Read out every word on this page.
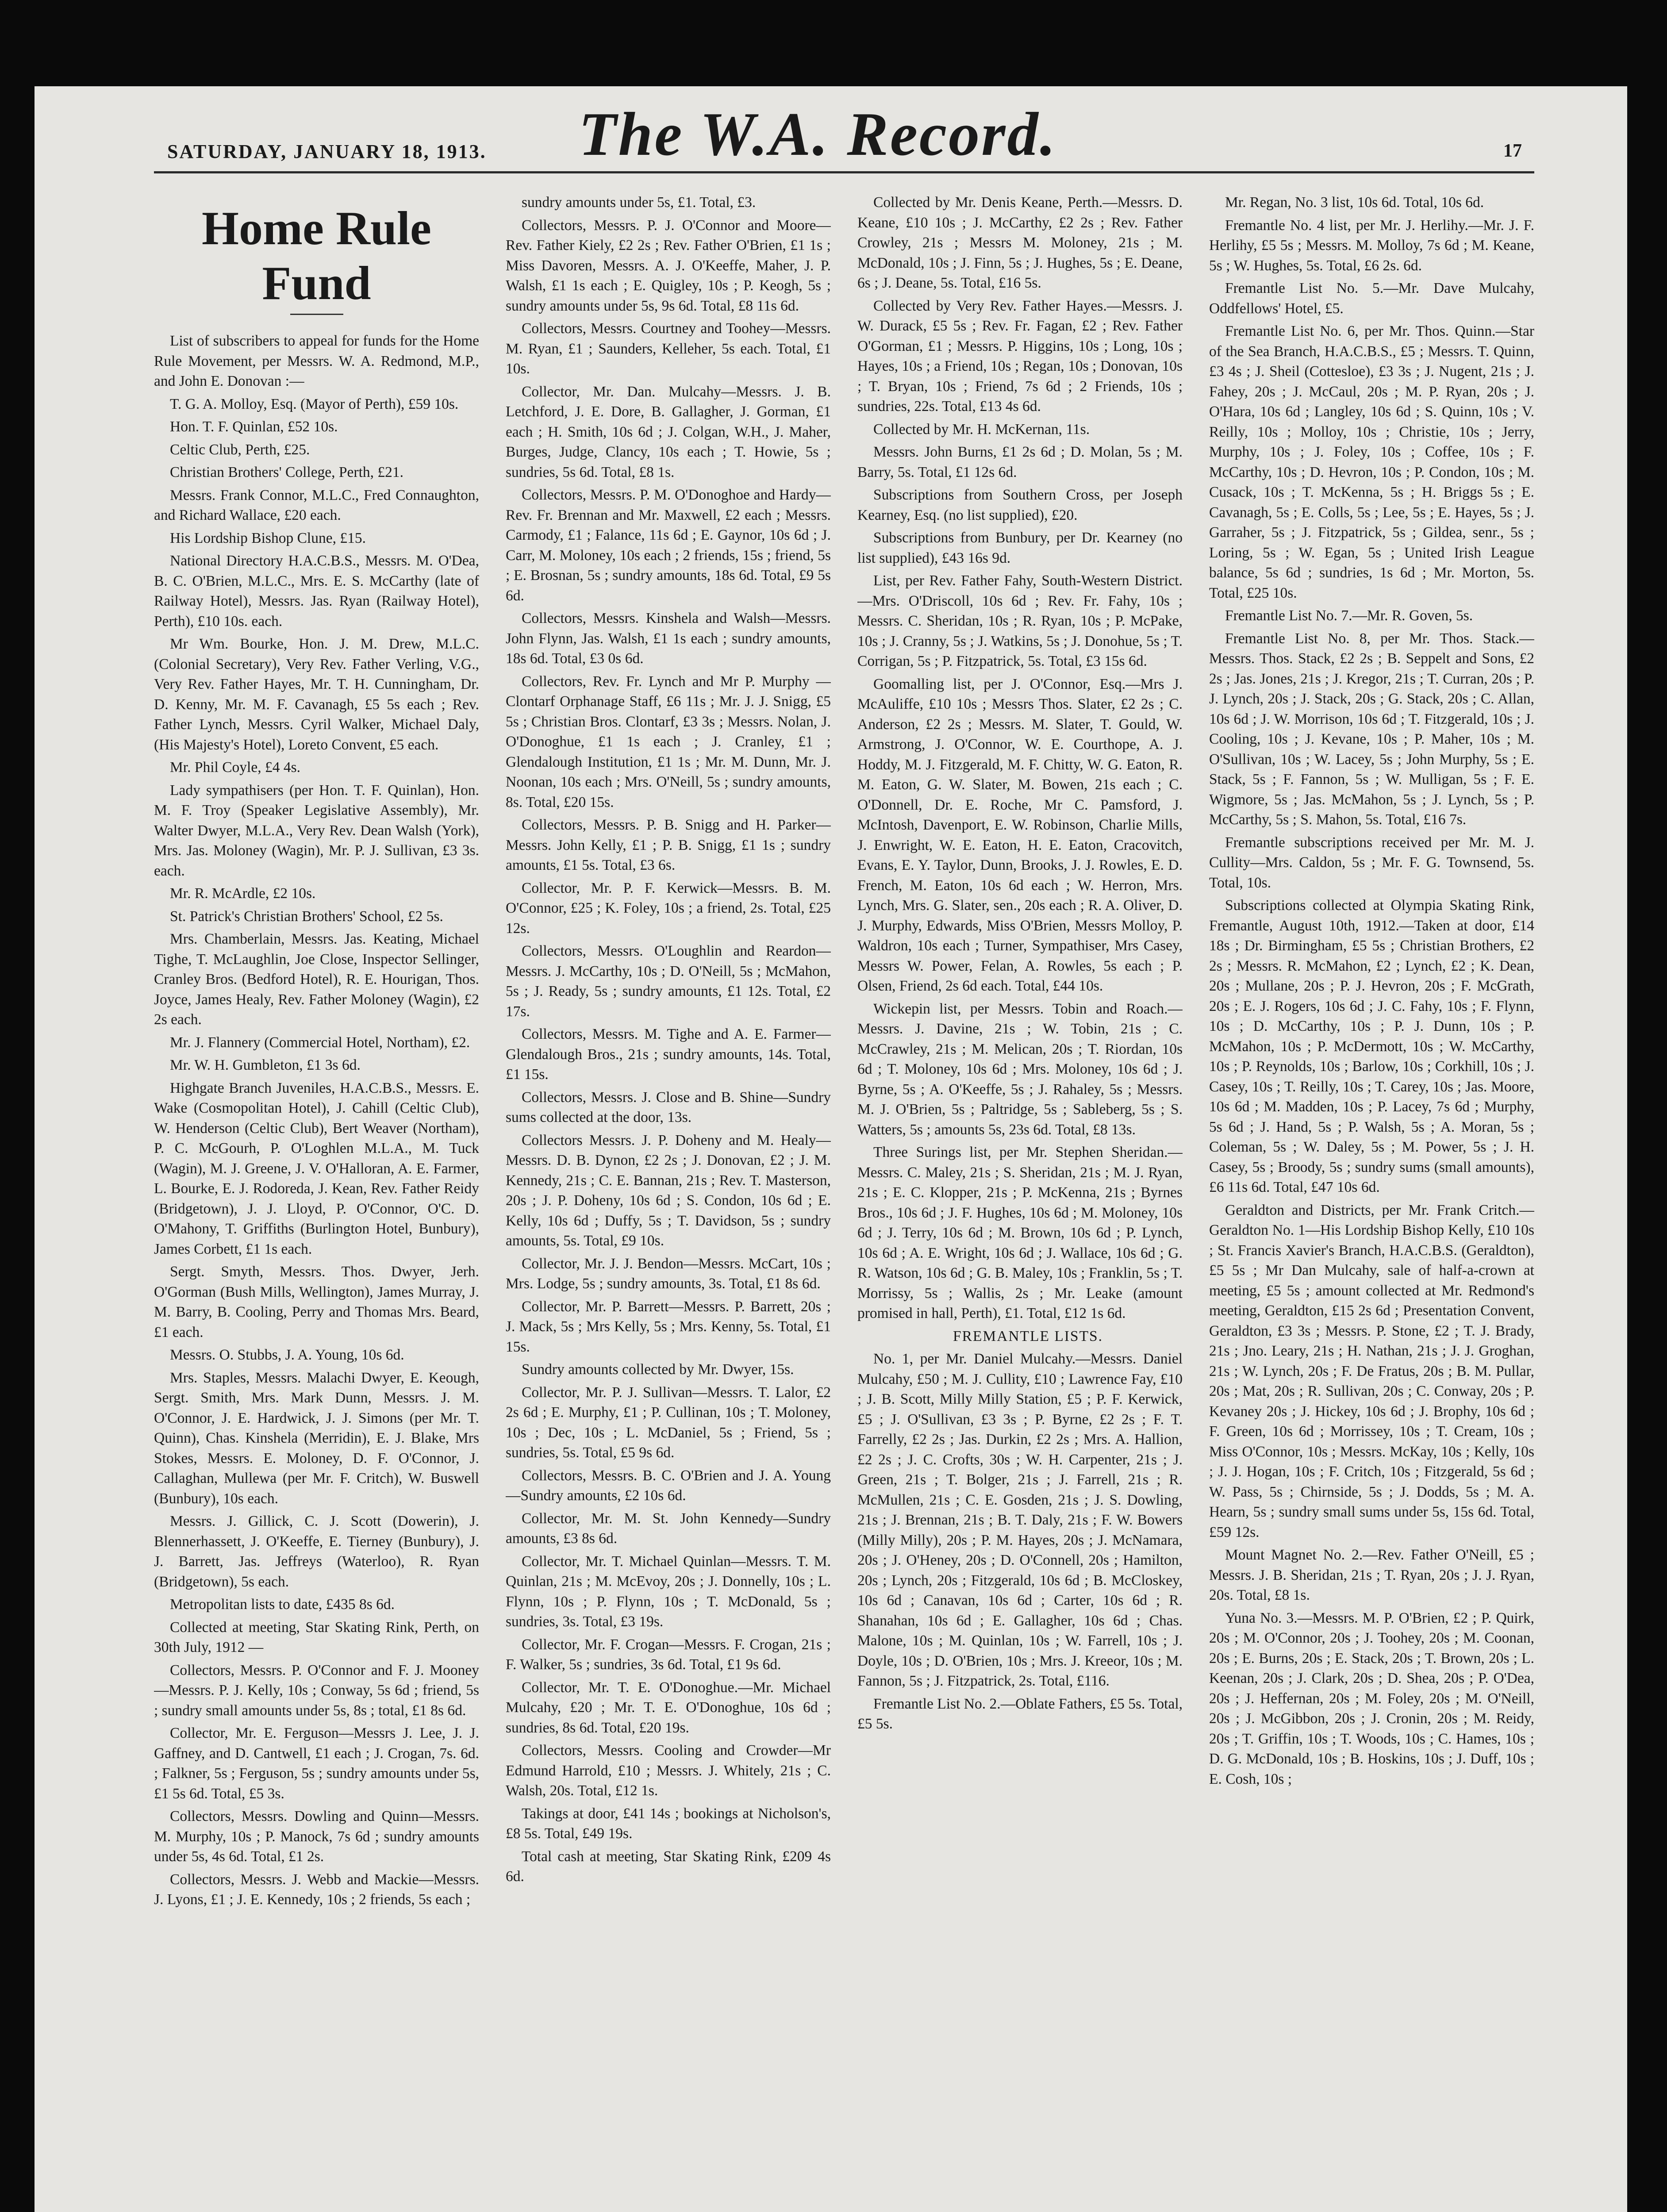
SATURDAY, JANUARY 18, 1913. The W.A. Record.	17
Home Rule Fund

List of subscribers to appeal for funds for the Home Rule Movement, per Messrs. W. A. Redmond, M.P., and John E. Donovan :—

T. G. A. Molloy, Esq. (Mayor of Perth), £59 10s.

Hon. T. F. Quinlan, £52 10s.

Celtic Club, Perth, £25.

Christian Brothers' College, Perth, £21.

Messrs. Frank Connor, M.L.C., Fred Connaughton, and Richard Wallace, £20 each.

His Lordship Bishop Clune, £15.

National Directory H.A.C.B.S., Messrs. M. O'Dea, B. C. O'Brien, M.L.C., Mrs. E. S. McCarthy (late of Railway Hotel), Messrs. Jas. Ryan (Railway Hotel), Perth), £10 10s. each.

Mr Wm. Bourke, Hon. J. M. Drew, M.L.C. (Colonial Secretary), Very Rev. Father Verling, V.G., Very Rev. Father Hayes, Mr. T. H. Cunningham, Dr. D. Kenny, Mr. M. F. Cavanagh, £5 5s each ; Rev. Father Lynch, Messrs. Cyril Walker, Michael Daly, (His Majesty's Hotel), Loreto Convent, £5 each.

Mr. Phil Coyle, £4 4s.

Lady sympathisers (per Hon. T. F. Quinlan), Hon. M. F. Troy (Speaker Legislative Assembly), Mr. Walter Dwyer, M.L.A., Very Rev. Dean Walsh (York), Mrs. Jas. Moloney (Wagin), Mr. P. J. Sullivan, £3 3s. each.

Mr. R. McArdle, £2 10s.

St. Patrick's Christian Brothers' School, £2 5s.

Mrs. Chamberlain, Messrs. Jas. Keating, Michael Tighe, T. McLaughlin, Joe Close, Inspector Sellinger, Cranley Bros. (Bedford Hotel), R. E. Hourigan, Thos. Joyce, James Healy, Rev. Father Moloney (Wagin), £2 2s each.

Mr. J. Flannery (Commercial Hotel, Northam), £2.

Mr. W. H. Gumbleton, £1 3s 6d.

Highgate Branch Juveniles, H.A.C.B.S., Messrs. E. Wake (Cosmopolitan Hotel), J. Cahill (Celtic Club), W. Henderson (Celtic Club), Bert Weaver (Northam), P. C. McGourh, P. O'Loghlen M.L.A., M. Tuck (Wagin), M. J. Greene, J. V. O'Halloran, A. E. Farmer, L. Bourke, E. J. Rodoreda, J. Kean, Rev. Father Reidy (Bridgetown), J. J. Lloyd, P. O'Connor, O'C. D. O'Mahony, T. Griffiths (Burlington Hotel, Bunbury), James Corbett, £1 1s each.

Sergt. Smyth, Messrs. Thos. Dwyer, Jerh. O'Gorman (Bush Mills, Wellington), James Murray, J. M. Barry, B. Cooling, Perry and Thomas Mrs. Beard, £1 each.

Messrs. O. Stubbs, J. A. Young, 10s 6d.

Mrs. Staples, Messrs. Malachi Dwyer, E. Keough, Sergt. Smith, Mrs. Mark Dunn, Messrs. J. M. O'Connor, J. E. Hardwick, J. J. Simons (per Mr. T. Quinn), Chas. Kinshela (Merridin), E. J. Blake, Mrs Stokes, Messrs. E. Moloney, D. F. O'Connor, J. Callaghan, Mullewa (per Mr. F. Critch), W. Buswell (Bunbury), 10s each.

Messrs. J. Gillick, C. J. Scott (Dowerin), J. Blennerhassett, J. O'Keeffe, E. Tierney (Bunbury), J. J. Barrett, Jas. Jeffreys (Waterloo), R. Ryan (Bridgetown), 5s each.

Metropolitan lists to date, £435 8s 6d.

Collected at meeting, Star Skating Rink, Perth, on 30th July, 1912 —

Collectors, Messrs. P. O'Connor and F. J. Mooney—Messrs. P. J. Kelly, 10s ; Conway, 5s 6d ; friend, 5s ; sundry small amounts under 5s, 8s ; total, £1 8s 6d.

Collector, Mr. E. Ferguson—Messrs J. Lee, J. J. Gaffney, and D. Cantwell, £1 each ; J. Crogan, 7s. 6d. ; Falkner, 5s ; Ferguson, 5s ; sundry amounts under 5s, £1 5s 6d. Total, £5 3s.

Collectors, Messrs. Dowling and Quinn—Messrs. M. Murphy, 10s ; P. Manock, 7s 6d ; sundry amounts under 5s, 4s 6d. Total, £1 2s.

Collectors, Messrs. J. Webb and Mackie—Messrs. J. Lyons, £1 ; J. E. Kennedy, 10s ; 2 friends, 5s each ;

sundry amounts under 5s, £1. Total, £3.

Collectors, Messrs. P. J. O'Connor and Moore—Rev. Father Kiely, £2 2s ; Rev. Father O'Brien, £1 1s ; Miss Davoren, Messrs. A. J. O'Keeffe, Maher, J. P. Walsh, £1 1s each ; E. Quigley, 10s ; P. Keogh, 5s ; sundry amounts under 5s, 9s 6d. Total, £8 11s 6d.

Collectors, Messrs. Courtney and Toohey—Messrs. M. Ryan, £1 ; Saunders, Kelleher, 5s each. Total, £1 10s.

Collector, Mr. Dan. Mulcahy—Messrs. J. B. Letchford, J. E. Dore, B. Gallagher, J. Gorman, £1 each ; H. Smith, 10s 6d ; J. Colgan, W.H., J. Maher, Burges, Judge, Clancy, 10s each ; T. Howie, 5s ; sundries, 5s 6d. Total, £8 1s.

Collectors, Messrs. P. M. O'Donoghoe and Hardy—Rev. Fr. Brennan and Mr. Maxwell, £2 each ; Messrs. Carmody, £1 ; Falance, 11s 6d ; E. Gaynor, 10s 6d ; J. Carr, M. Moloney, 10s each ; 2 friends, 15s ; friend, 5s ; E. Brosnan, 5s ; sundry amounts, 18s 6d. Total, £9 5s 6d.

Collectors, Messrs. Kinshela and Walsh—Messrs. John Flynn, Jas. Walsh, £1 1s each ; sundry amounts, 18s 6d. Total, £3 0s 6d.

Collectors, Rev. Fr. Lynch and Mr P. Murphy — Clontarf Orphanage Staff, £6 11s ; Mr. J. J. Snigg, £5 5s ; Christian Bros. Clontarf, £3 3s ; Messrs. Nolan, J. O'Donoghue, £1 1s each ; J. Cranley, £1 ; Glendalough Institution, £1 1s ; Mr. M. Dunn, Mr. J. Noonan, 10s each ; Mrs. O'Neill, 5s ; sundry amounts, 8s. Total, £20 15s.

Collectors, Messrs. P. B. Snigg and H. Parker—Messrs. John Kelly, £1 ; P. B. Snigg, £1 1s ; sundry amounts, £1 5s. Total, £3 6s.

Collector, Mr. P. F. Kerwick—Messrs. B. M. O'Connor, £25 ; K. Foley, 10s ; a friend, 2s. Total, £25 12s.

Collectors, Messrs. O'Loughlin and Reardon—Messrs. J. McCarthy, 10s ; D. O'Neill, 5s ; McMahon, 5s ; J. Ready, 5s ; sundry amounts, £1 12s. Total, £2 17s.

Collectors, Messrs. M. Tighe and A. E. Farmer—Glendalough Bros., 21s ; sundry amounts, 14s. Total, £1 15s.

Collectors, Messrs. J. Close and B. Shine—Sundry sums collected at the door, 13s.

Collectors Messrs. J. P. Doheny and M. Healy—Messrs. D. B. Dynon, £2 2s ; J. Donovan, £2 ; J. M. Kennedy, 21s ; C. E. Bannan, 21s ; Rev. T. Masterson, 20s ; J. P. Doheny, 10s 6d ; S. Condon, 10s 6d ; E. Kelly, 10s 6d ; Duffy, 5s ; T. Davidson, 5s ; sundry amounts, 5s. Total, £9 10s.

Collector, Mr. J. J. Bendon—Messrs. McCart, 10s ; Mrs. Lodge, 5s ; sundry amounts, 3s. Total, £1 8s 6d.

Collector, Mr. P. Barrett—Messrs. P. Barrett, 20s ; J. Mack, 5s ; Mrs Kelly, 5s ; Mrs. Kenny, 5s. Total, £1 15s.

Sundry amounts collected by Mr. Dwyer, 15s.

Collector, Mr. P. J. Sullivan—Messrs. T. Lalor, £2 2s 6d ; E. Murphy, £1 ; P. Cullinan, 10s ; T. Moloney, 10s ; Dec, 10s ; L. McDaniel, 5s ; Friend, 5s ; sundries, 5s. Total, £5 9s 6d.

Collectors, Messrs. B. C. O'Brien and J. A. Young—Sundry amounts, £2 10s 6d.

Collector, Mr. M. St. John Kennedy—Sundry amounts, £3 8s 6d.

Collector, Mr. T. Michael Quinlan—Messrs. T. M. Quinlan, 21s ; M. McEvoy, 20s ; J. Donnelly, 10s ; L. Flynn, 10s ; P. Flynn, 10s ; T. McDonald, 5s ; sundries, 3s. Total, £3 19s.

Collector, Mr. F. Crogan—Messrs. F. Crogan, 21s ; F. Walker, 5s ; sundries, 3s 6d. Total, £1 9s 6d.

Collector, Mr. T. E. O'Donoghue.—Mr. Michael Mulcahy, £20 ; Mr. T. E. O'Donoghue, 10s 6d ; sundries, 8s 6d. Total, £20 19s.

Collectors, Messrs. Cooling and Crowder—Mr Edmund Harrold, £10 ; Messrs. J. Whitely, 21s ; C. Walsh, 20s. Total, £12 1s.

Takings at door, £41 14s ; bookings at Nicholson's, £8 5s. Total, £49 19s.

Total cash at meeting, Star Skating Rink, £209 4s 6d.

Collected by Mr. Denis Keane, Perth.—Messrs. D. Keane, £10 10s ; J. McCarthy, £2 2s ; Rev. Father Crowley, 21s ; Messrs M. Moloney, 21s ; M. McDonald, 10s ; J. Finn, 5s ; J. Hughes, 5s ; E. Deane, 6s ; J. Deane, 5s. Total, £16 5s.

Collected by Very Rev. Father Hayes.—Messrs. J. W. Durack, £5 5s ; Rev. Fr. Fagan, £2 ; Rev. Father O'Gorman, £1 ; Messrs. P. Higgins, 10s ; Long, 10s ; Hayes, 10s ; a Friend, 10s ; Regan, 10s ; Donovan, 10s ; T. Bryan, 10s ; Friend, 7s 6d ; 2 Friends, 10s ; sundries, 22s. Total, £13 4s 6d.

Collected by Mr. H. McKernan, 11s.

Messrs. John Burns, £1 2s 6d ; D. Molan, 5s ; M. Barry, 5s. Total, £1 12s 6d.

Subscriptions from Southern Cross, per Joseph Kearney, Esq. (no list supplied), £20.

Subscriptions from Bunbury, per Dr. Kearney (no list supplied), £43 16s 9d.

List, per Rev. Father Fahy, South-Western District.—Mrs. O'Driscoll, 10s 6d ; Rev. Fr. Fahy, 10s ; Messrs. C. Sheridan, 10s ; R. Ryan, 10s ; P. McPake, 10s ; J. Cranny, 5s ; J. Watkins, 5s ; J. Donohue, 5s ; T. Corrigan, 5s ; P. Fitzpatrick, 5s. Total, £3 15s 6d.

Goomalling list, per J. O'Connor, Esq.—Mrs J. McAuliffe, £10 10s ; Messrs Thos. Slater, £2 2s ; C. Anderson, £2 2s ; Messrs. M. Slater, T. Gould, W. Armstrong, J. O'Connor, W. E. Courthope, A. J. Hoddy, M. J. Fitzgerald, M. F. Chitty, W. G. Eaton, R. M. Eaton, G. W. Slater, M. Bowen, 21s each ; C. O'Donnell, Dr. E. Roche, Mr C. Pamsford, J. McIntosh, Davenport, E. W. Robinson, Charlie Mills, J. Enwright, W. E. Eaton, H. E. Eaton, Cracovitch, Evans, E. Y. Taylor, Dunn, Brooks, J. J. Rowles, E. D. French, M. Eaton, 10s 6d each ; W. Herron, Mrs. Lynch, Mrs. G. Slater, sen., 20s each ; R. A. Oliver, D. J. Murphy, Edwards, Miss O'Brien, Messrs Molloy, P. Waldron, 10s each ; Turner, Sympathiser, Mrs Casey, Messrs W. Power, Felan, A. Rowles, 5s each ; P. Olsen, Friend, 2s 6d each. Total, £44 10s.

Wickepin list, per Messrs. Tobin and Roach.—Messrs. J. Davine, 21s ; W. Tobin, 21s ; C. McCrawley, 21s ; M. Melican, 20s ; T. Riordan, 10s 6d ; T. Moloney, 10s 6d ; Mrs. Moloney, 10s 6d ; J. Byrne, 5s ; A. O'Keeffe, 5s ; J. Rahaley, 5s ; Messrs. M. J. O'Brien, 5s ; Paltridge, 5s ; Sableberg, 5s ; S. Watters, 5s ; amounts 5s, 23s 6d. Total, £8 13s.

Three Surings list, per Mr. Stephen Sheridan.—Messrs. C. Maley, 21s ; S. Sheridan, 21s ; M. J. Ryan, 21s ; E. C. Klopper, 21s ; P. McKenna, 21s ; Byrnes Bros., 10s 6d ; J. F. Hughes, 10s 6d ; M. Moloney, 10s 6d ; J. Terry, 10s 6d ; M. Brown, 10s 6d ; P. Lynch, 10s 6d ; A. E. Wright, 10s 6d ; J. Wallace, 10s 6d ; G. R. Watson, 10s 6d ; G. B. Maley, 10s ; Franklin, 5s ; T. Morrissy, 5s ; Wallis, 2s ; Mr. Leake (amount promised in hall, Perth), £1. Total, £12 1s 6d.

FREMANTLE LISTS.

No. 1, per Mr. Daniel Mulcahy.—Messrs. Daniel Mulcahy, £50 ; M. J. Cullity, £10 ; Lawrence Fay, £10 ; J. B. Scott, Milly Milly Station, £5 ; P. F. Kerwick, £5 ; J. O'Sullivan, £3 3s ; P. Byrne, £2 2s ; F. T. Farrelly, £2 2s ; Jas. Durkin, £2 2s ; Mrs. A. Hallion, £2 2s ; J. C. Crofts, 30s ; W. H. Carpenter, 21s ; J. Green, 21s ; T. Bolger, 21s ; J. Farrell, 21s ; R. McMullen, 21s ; C. E. Gosden, 21s ; J. S. Dowling, 21s ; J. Brennan, 21s ; B. T. Daly, 21s ; F. W. Bowers (Milly Milly), 20s ; P. M. Hayes, 20s ; J. McNamara, 20s ; J. O'Heney, 20s ; D. O'Connell, 20s ; Hamilton, 20s ; Lynch, 20s ; Fitzgerald, 10s 6d ; B. McCloskey, 10s 6d ; Canavan, 10s 6d ; Carter, 10s 6d ; R. Shanahan, 10s 6d ; E. Gallagher, 10s 6d ; Chas. Malone, 10s ; M. Quinlan, 10s ; W. Farrell, 10s ; J. Doyle, 10s ; D. O'Brien, 10s ; Mrs. J. Kreeor, 10s ; M. Fannon, 5s ; J. Fitzpatrick, 2s. Total, £116.

Fremantle List No. 2.—Oblate Fathers, £5 5s. Total, £5 5s.

Mr. Regan, No. 3 list, 10s 6d. Total, 10s 6d.

Fremantle No. 4 list, per Mr. J. Herlihy.—Mr. J. F. Herlihy, £5 5s ; Messrs. M. Molloy, 7s 6d ; M. Keane, 5s ; W. Hughes, 5s. Total, £6 2s. 6d.

Fremantle List No. 5.—Mr. Dave Mulcahy, Oddfellows' Hotel, £5.

Fremantle List No. 6, per Mr. Thos. Quinn.—Star of the Sea Branch, H.A.C.B.S., £5 ; Messrs. T. Quinn, £3 4s ; J. Sheil (Cottesloe), £3 3s ; J. Nugent, 21s ; J. Fahey, 20s ; J. McCaul, 20s ; M. P. Ryan, 20s ; J. O'Hara, 10s 6d ; Langley, 10s 6d ; S. Quinn, 10s ; V. Reilly, 10s ; Molloy, 10s ; Christie, 10s ; Jerry, Murphy, 10s ; J. Foley, 10s ; Coffee, 10s ; F. McCarthy, 10s ; D. Hevron, 10s ; P. Condon, 10s ; M. Cusack, 10s ; T. McKenna, 5s ; H. Briggs 5s ; E. Cavanagh, 5s ; E. Colls, 5s ; Lee, 5s ; E. Hayes, 5s ; J. Garraher, 5s ; J. Fitzpatrick, 5s ; Gildea, senr., 5s ; Loring, 5s ; W. Egan, 5s ; United Irish League balance, 5s 6d ; sundries, 1s 6d ; Mr. Morton, 5s. Total, £25 10s.

Fremantle List No. 7.—Mr. R. Goven, 5s.

Fremantle List No. 8, per Mr. Thos. Stack.—Messrs. Thos. Stack, £2 2s ; B. Seppelt and Sons, £2 2s ; Jas. Jones, 21s ; J. Kregor, 21s ; T. Curran, 20s ; P. J. Lynch, 20s ; J. Stack, 20s ; G. Stack, 20s ; C. Allan, 10s 6d ; J. W. Morrison, 10s 6d ; T. Fitzgerald, 10s ; J. Cooling, 10s ; J. Kevane, 10s ; P. Maher, 10s ; M. O'Sullivan, 10s ; W. Lacey, 5s ; John Murphy, 5s ; E. Stack, 5s ; F. Fannon, 5s ; W. Mulligan, 5s ; F. E. Wigmore, 5s ; Jas. McMahon, 5s ; J. Lynch, 5s ; P. McCarthy, 5s ; S. Mahon, 5s. Total, £16 7s.

Fremantle subscriptions received per Mr. M. J. Cullity—Mrs. Caldon, 5s ; Mr. F. G. Townsend, 5s. Total, 10s.

Subscriptions collected at Olympia Skating Rink, Fremantle, August 10th, 1912.—Taken at door, £14 18s ; Dr. Birmingham, £5 5s ; Christian Brothers, £2 2s ; Messrs. R. McMahon, £2 ; Lynch, £2 ; K. Dean, 20s ; Mullane, 20s ; P. J. Hevron, 20s ; F. McGrath, 20s ; E. J. Rogers, 10s 6d ; J. C. Fahy, 10s ; F. Flynn, 10s ; D. McCarthy, 10s ; P. J. Dunn, 10s ; P. McMahon, 10s ; P. McDermott, 10s ; W. McCarthy, 10s ; P. Reynolds, 10s ; Barlow, 10s ; Corkhill, 10s ; J. Casey, 10s ; T. Reilly, 10s ; T. Carey, 10s ; Jas. Moore, 10s 6d ; M. Madden, 10s ; P. Lacey, 7s 6d ; Murphy, 5s 6d ; J. Hand, 5s ; P. Walsh, 5s ; A. Moran, 5s ; Coleman, 5s ; W. Daley, 5s ; M. Power, 5s ; J. H. Casey, 5s ; Broody, 5s ; sundry sums (small amounts), £6 11s 6d. Total, £47 10s 6d.

Geraldton and Districts, per Mr. Frank Critch.—Geraldton No. 1—His Lordship Bishop Kelly, £10 10s ; St. Francis Xavier's Branch, H.A.C.B.S. (Geraldton), £5 5s ; Mr Dan Mulcahy, sale of half-a-crown at meeting, £5 5s ; amount collected at Mr. Redmond's meeting, Geraldton, £15 2s 6d ; Presentation Convent, Geraldton, £3 3s ; Messrs. P. Stone, £2 ; T. J. Brady, 21s ; Jno. Leary, 21s ; H. Nathan, 21s ; J. J. Groghan, 21s ; W. Lynch, 20s ; F. De Fratus, 20s ; B. M. Pullar, 20s ; Mat, 20s ; R. Sullivan, 20s ; C. Conway, 20s ; P. Kevaney 20s ; J. Hickey, 10s 6d ; J. Brophy, 10s 6d ; F. Green, 10s 6d ; Morrissey, 10s ; T. Cream, 10s ; Miss O'Connor, 10s ; Messrs. McKay, 10s ; Kelly, 10s ; J. J. Hogan, 10s ; F. Critch, 10s ; Fitzgerald, 5s 6d ; W. Pass, 5s ; Chirnside, 5s ; J. Dodds, 5s ; M. A. Hearn, 5s ; sundry small sums under 5s, 15s 6d. Total, £59 12s.

Mount Magnet No. 2.—Rev. Father O'Neill, £5 ; Messrs. J. B. Sheridan, 21s ; T. Ryan, 20s ; J. J. Ryan, 20s. Total, £8 1s.

Yuna No. 3.—Messrs. M. P. O'Brien, £2 ; P. Quirk, 20s ; M. O'Connor, 20s ; J. Toohey, 20s ; M. Coonan, 20s ; E. Burns, 20s ; E. Stack, 20s ; T. Brown, 20s ; L. Keenan, 20s ; J. Clark, 20s ; D. Shea, 20s ; P. O'Dea, 20s ; J. Heffernan, 20s ; M. Foley, 20s ; M. O'Neill, 20s ; J. McGibbon, 20s ; J. Cronin, 20s ; M. Reidy, 20s ; T. Griffin, 10s ; T. Woods, 10s ; C. Hames, 10s ; D. G. McDonald, 10s ; B. Hoskins, 10s ; J. Duff, 10s ; E. Cosh, 10s ;
